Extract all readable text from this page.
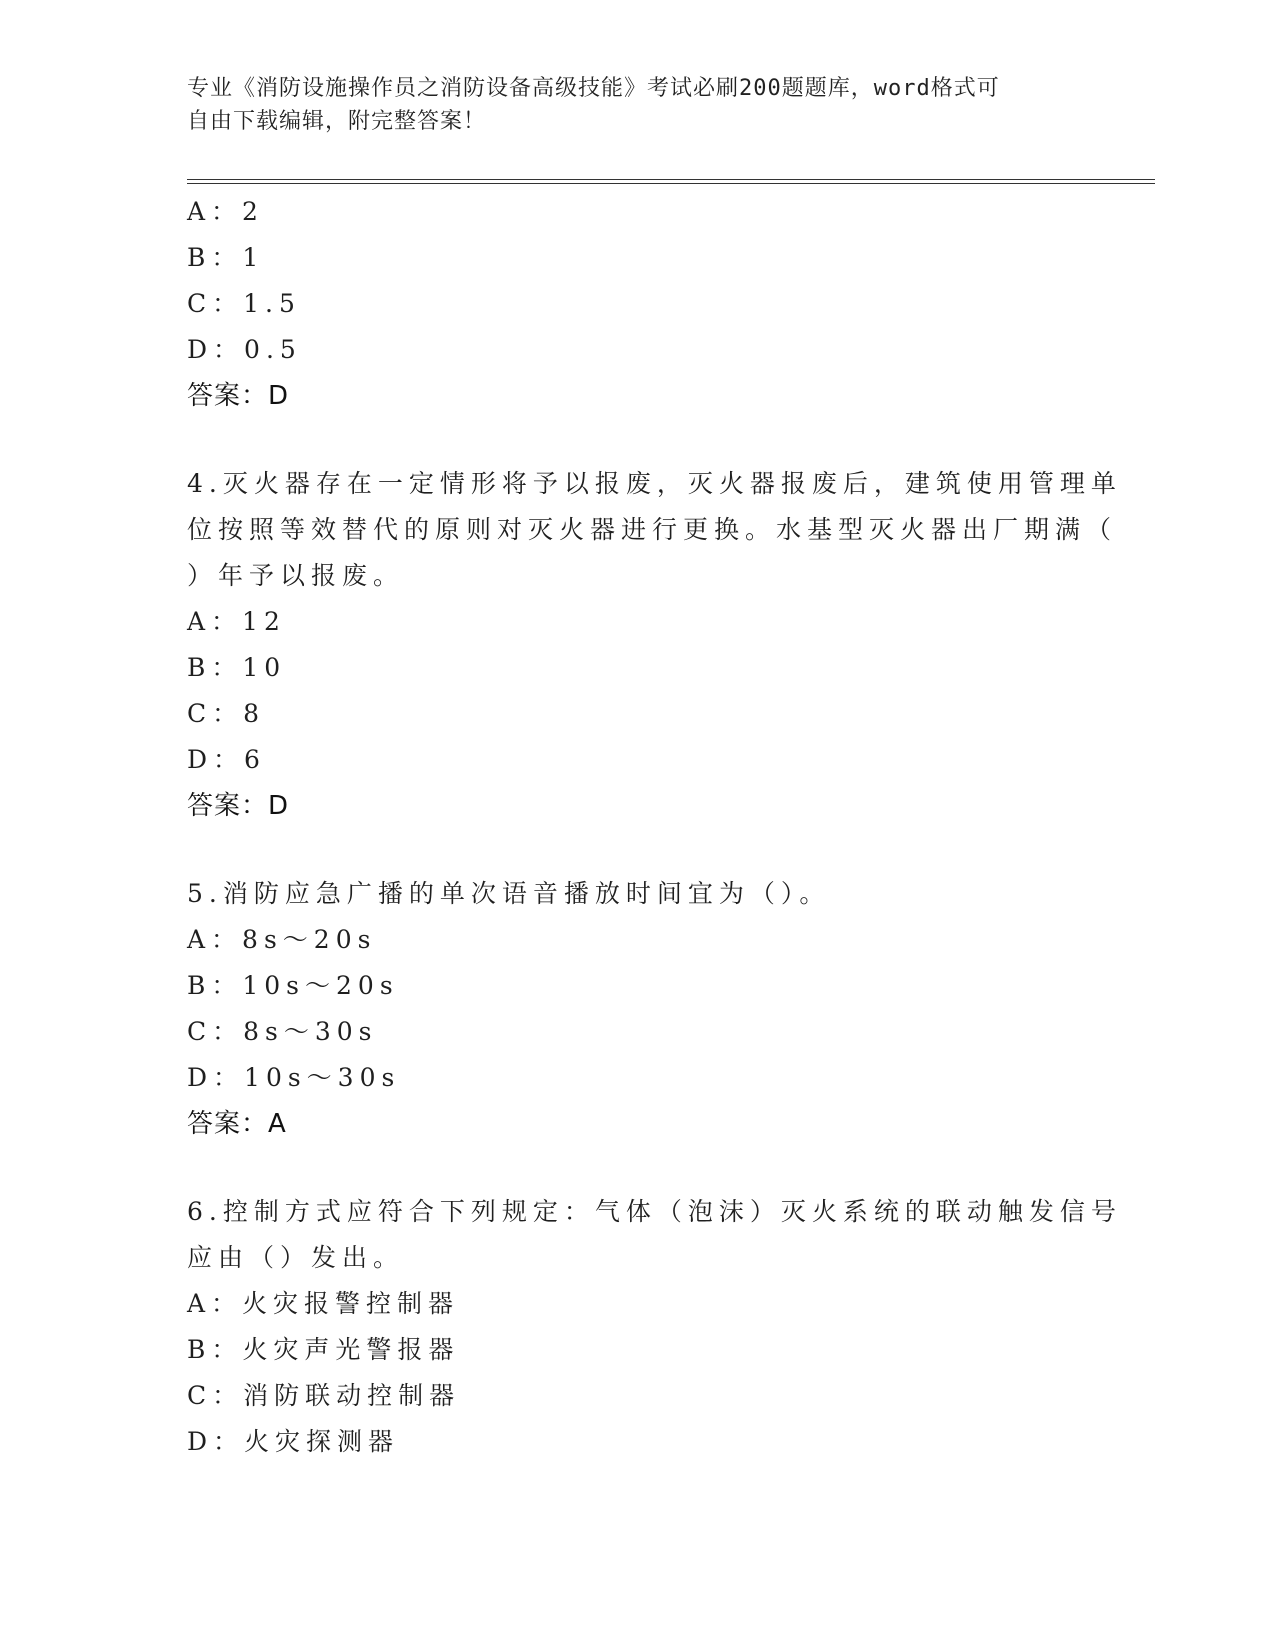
专业《消防设施操作员之消防设备高级技能》考试必刷200题题库，word格式可
自由下载编辑，附完整答案！
A：2
B：1
C：1.5
D：0.5
答案：D
4.灭火器存在一定情形将予以报废，灭火器报废后，建筑使用管理单
位按照等效替代的原则对灭火器进行更换。水基型灭火器出厂期满（
）年予以报废。
A：12
B：10
C：8
D：6
答案：D
5.消防应急广播的单次语音播放时间宜为（）。
A：8s～20s
B：10s～20s
C：8s～30s
D：10s～30s
答案：A
6.控制方式应符合下列规定：气体（泡沫）灭火系统的联动触发信号
应由（）发出。
A：火灾报警控制器
B：火灾声光警报器
C：消防联动控制器
D：火灾探测器
